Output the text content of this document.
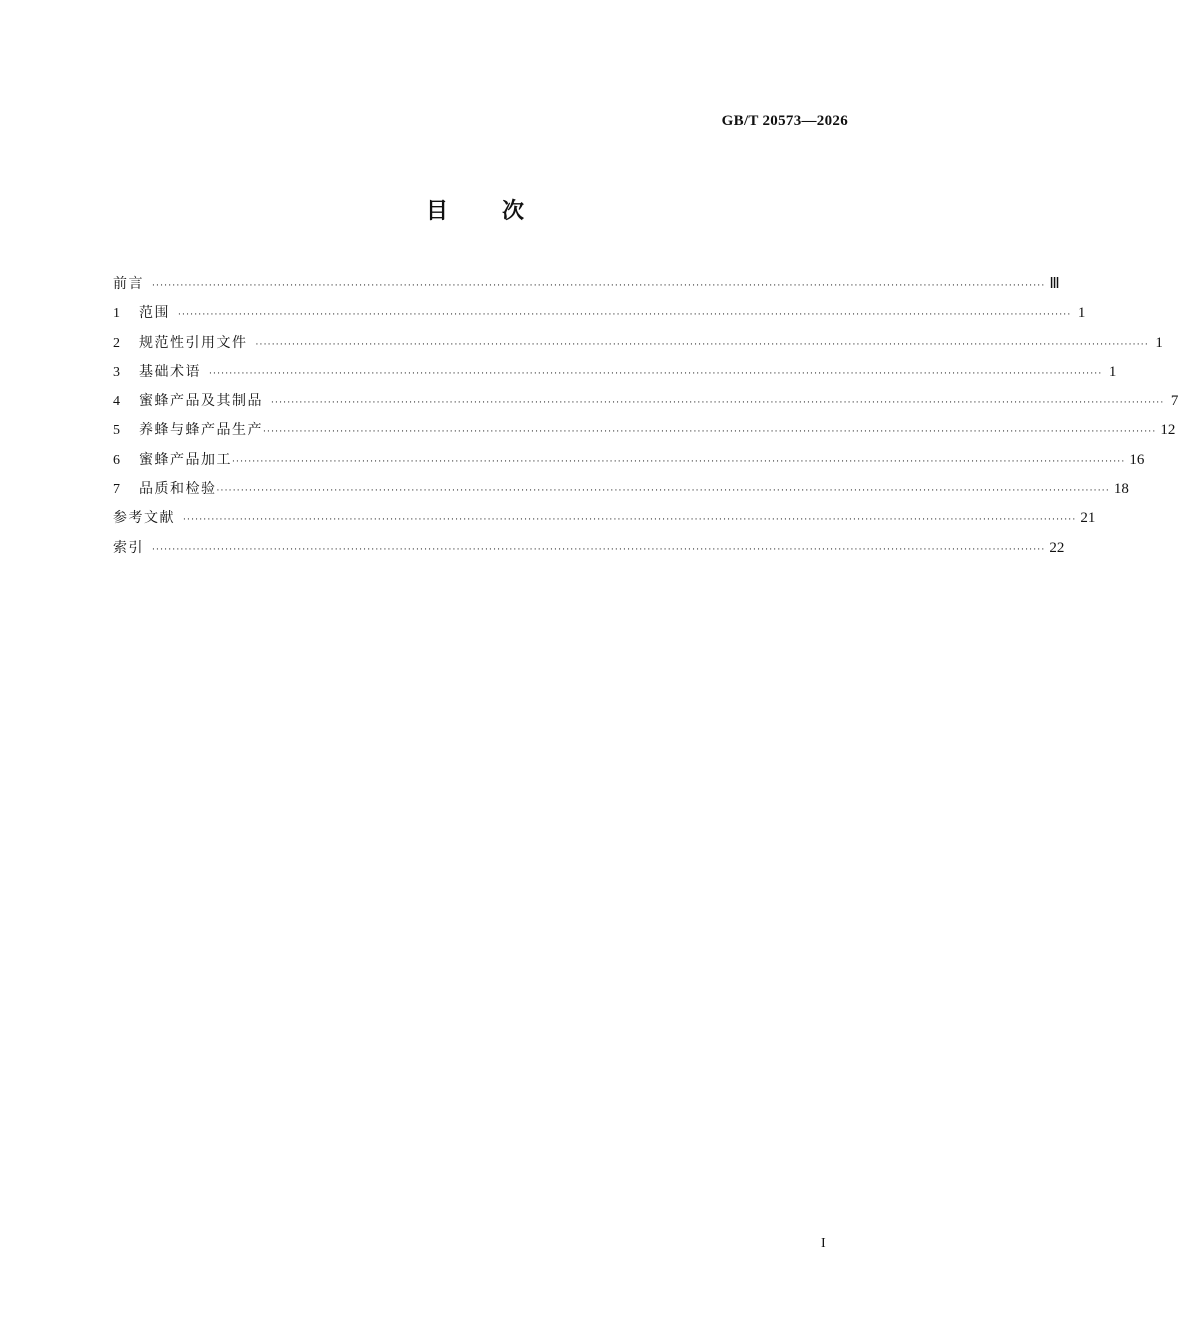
GB/T 20573—2026
目 次
前言 ···························································································································································································································· Ⅲ
1	范围 ···························································································································································································································· 1
2	规范性引用文件 ···························································································································································································································· 1
3	基础术语 ···························································································································································································································· 1
4	蜜蜂产品及其制品 ···························································································································································································································· 7
5	养蜂与蜂产品生产 ···························································································································································································································· 12
6	蜜蜂产品加工 ···························································································································································································································· 16
7	品质和检验 ···························································································································································································································· 18
参考文献 ···························································································································································································································· 21
索引 ···························································································································································································································· 22
I
